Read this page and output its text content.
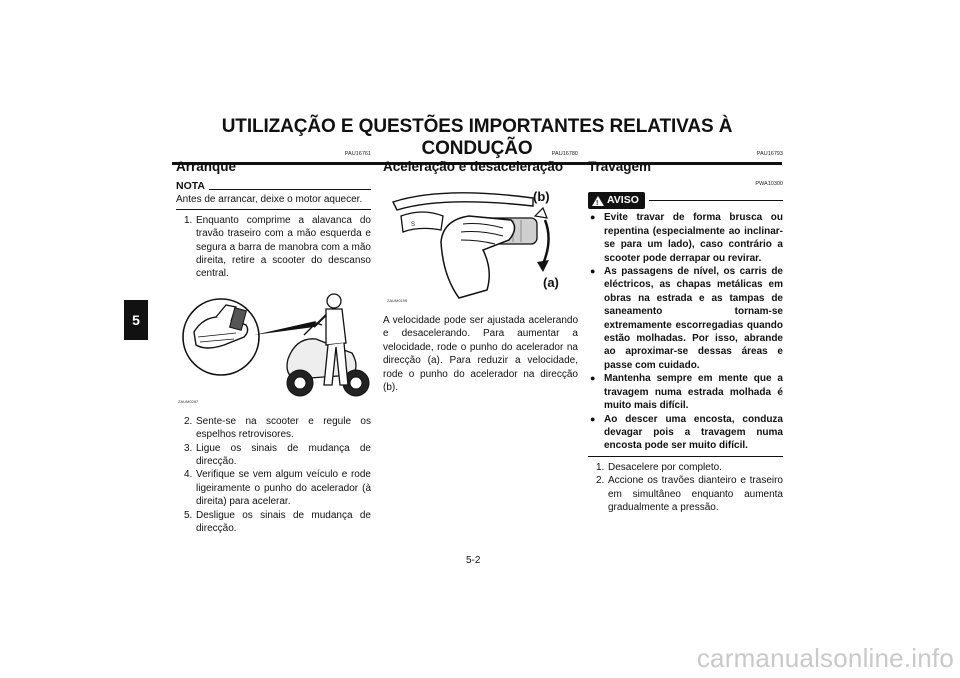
UTILIZAÇÃO E QUESTÕES IMPORTANTES RELATIVAS À CONDUÇÃO
5
PAU16761
Arranque
NOTA
Antes de arrancar, deixe o motor aquecer.
1. Enquanto comprime a alavanca do travão traseiro com a mão esquerda e segura a barra de manobra com a mão direita, retire a scooter do descanso central.
ZAUM0287
2. Sente-se na scooter e regule os espelhos retrovisores.
3. Ligue os sinais de mudança de direcção.
4. Verifique se vem algum veículo e rode ligeiramente o punho do acelerador (à direita) para acelerar.
5. Desligue os sinais de mudança de direcção.
PAU16780
Aceleração e desaceleração
S
(b)
(a)
ZAUM0199
A velocidade pode ser ajustada acelerando e desacelerando. Para aumentar a velocidade, rode o punho do acelerador na direcção (a). Para reduzir a velocidade, rode o punho do acelerador na direcção (b).
PAU16793
Travagem
PWA10300
! AVISO
● Evite travar de forma brusca ou repentina (especialmente ao inclinar-se para um lado), caso contrário a scooter pode derrapar ou revirar.
● As passagens de nível, os carris de eléctricos, as chapas metálicas em obras na estrada e as tampas de saneamento tornam-se extremamente escorregadias quando estão molhadas. Por isso, abrande ao aproximar-se dessas áreas e passe com cuidado.
● Mantenha sempre em mente que a travagem numa estrada molhada é muito mais difícil.
● Ao descer uma encosta, conduza devagar pois a travagem numa encosta pode ser muito difícil.
1. Desacelere por completo.
2. Accione os travões dianteiro e traseiro em simultâneo enquanto aumenta gradualmente a pressão.
5-2
carmanualsonline.info
